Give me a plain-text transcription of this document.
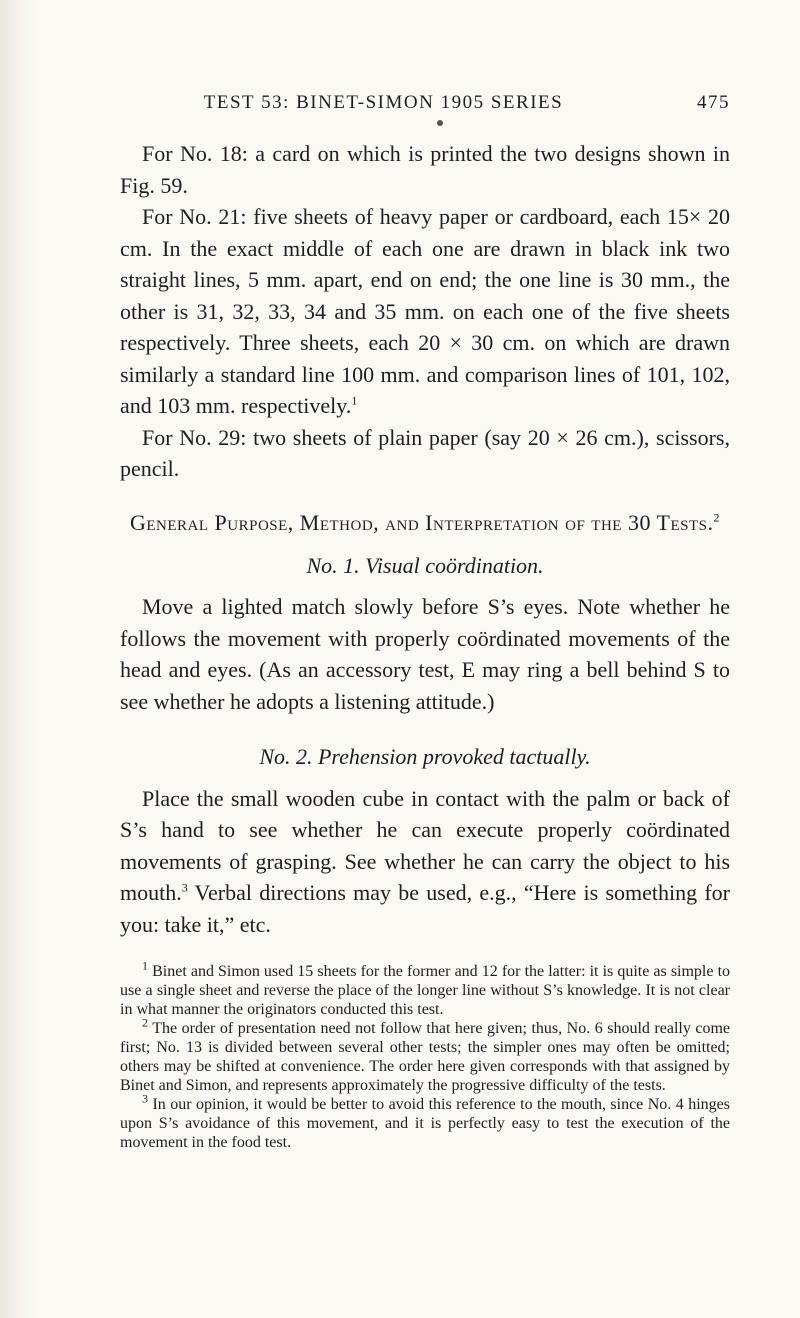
TEST 53: BINET-SIMON 1905 SERIES	475

For No. 18: a card on which is printed the two designs shown in Fig. 59.

For No. 21: five sheets of heavy paper or cardboard, each 15× 20 cm. In the exact middle of each one are drawn in black ink two straight lines, 5 mm. apart, end on end; the one line is 30 mm., the other is 31, 32, 33, 34 and 35 mm. on each one of the five sheets respectively. Three sheets, each 20 × 30 cm. on which are drawn similarly a standard line 100 mm. and comparison lines of 101, 102, and 103 mm. respectively.$^1$

For No. 29: two sheets of plain paper (say 20 × 26 cm.), scissors, pencil.

General Purpose, Method, and Interpretation of the 30 Tests.$^2$
No. 1. Visual coördination.

Move a lighted match slowly before S’s eyes. Note whether he follows the movement with properly coördinated movements of the head and eyes. (As an accessory test, E may ring a bell behind S to see whether he adopts a listening attitude.)

No. 2. Prehension provoked tactually.

Place the small wooden cube in contact with the palm or back of S’s hand to see whether he can execute properly coördinated movements of grasping. See whether he can carry the object to his mouth.$^3$ Verbal directions may be used, e.g., “Here is something for you: take it,” etc.

$^1$ Binet and Simon used 15 sheets for the former and 12 for the latter: it is quite as simple to use a single sheet and reverse the place of the longer line without S’s knowledge. It is not clear in what manner the originators conducted this test.

$^2$ The order of presentation need not follow that here given; thus, No. 6 should really come first; No. 13 is divided between several other tests; the simpler ones may often be omitted; others may be shifted at convenience. The order here given corresponds with that assigned by Binet and Simon, and represents approximately the progressive difficulty of the tests.

$^3$ In our opinion, it would be better to avoid this reference to the mouth, since No. 4 hinges upon S’s avoidance of this movement, and it is perfectly easy to test the execution of the movement in the food test.
